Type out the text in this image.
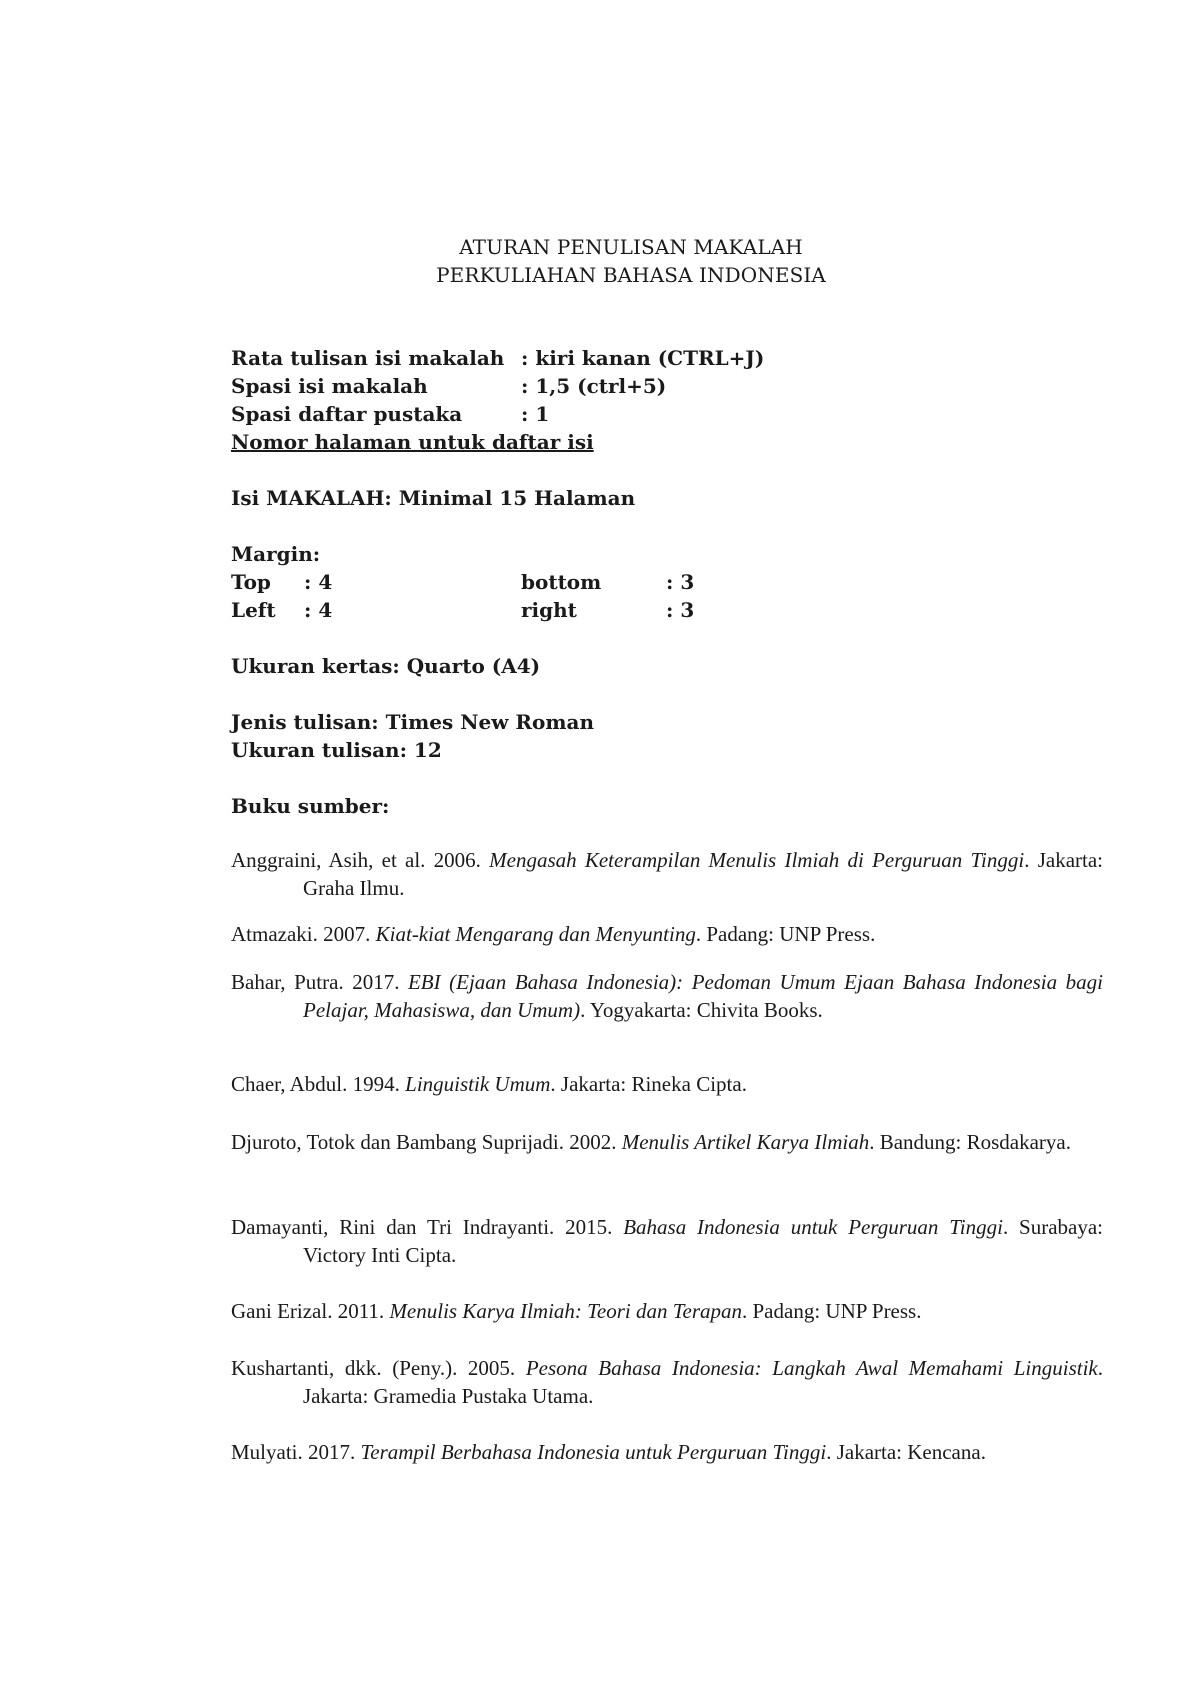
ATURAN PENULISAN MAKALAH
PERKULIAHAN BAHASA INDONESIA
Rata tulisan isi makalah : kiri kanan (CTRL+J)
Spasi isi makalah	: 1,5 (ctrl+5)
Spasi daftar pustaka	: 1
Nomor halaman untuk daftar isi
Isi MAKALAH: Minimal 15 Halaman
Margin:
Top : 4	bottom	: 3
Left : 4	right	: 3
Ukuran kertas: Quarto (A4)
Jenis tulisan: Times New Roman
Ukuran tulisan: 12
Buku sumber:
Anggraini, Asih, et al. 2006. Mengasah Keterampilan Menulis Ilmiah di Perguruan Tinggi. Jakarta: Graha Ilmu.
Atmazaki. 2007. Kiat-kiat Mengarang dan Menyunting. Padang: UNP Press.
Bahar, Putra. 2017. EBI (Ejaan Bahasa Indonesia): Pedoman Umum Ejaan Bahasa Indonesia bagi Pelajar, Mahasiswa, dan Umum). Yogyakarta: Chivita Books.
Chaer, Abdul. 1994. Linguistik Umum. Jakarta: Rineka Cipta.
Djuroto, Totok dan Bambang Suprijadi. 2002. Menulis Artikel Karya Ilmiah. Bandung: Rosdakarya.
Damayanti, Rini dan Tri Indrayanti. 2015. Bahasa Indonesia untuk Perguruan Tinggi. Surabaya: Victory Inti Cipta.
Gani Erizal. 2011. Menulis Karya Ilmiah: Teori dan Terapan. Padang: UNP Press.
Kushartanti, dkk. (Peny.). 2005. Pesona Bahasa Indonesia: Langkah Awal Memahami Linguistik. Jakarta: Gramedia Pustaka Utama.
Mulyati. 2017. Terampil Berbahasa Indonesia untuk Perguruan Tinggi. Jakarta: Kencana.
